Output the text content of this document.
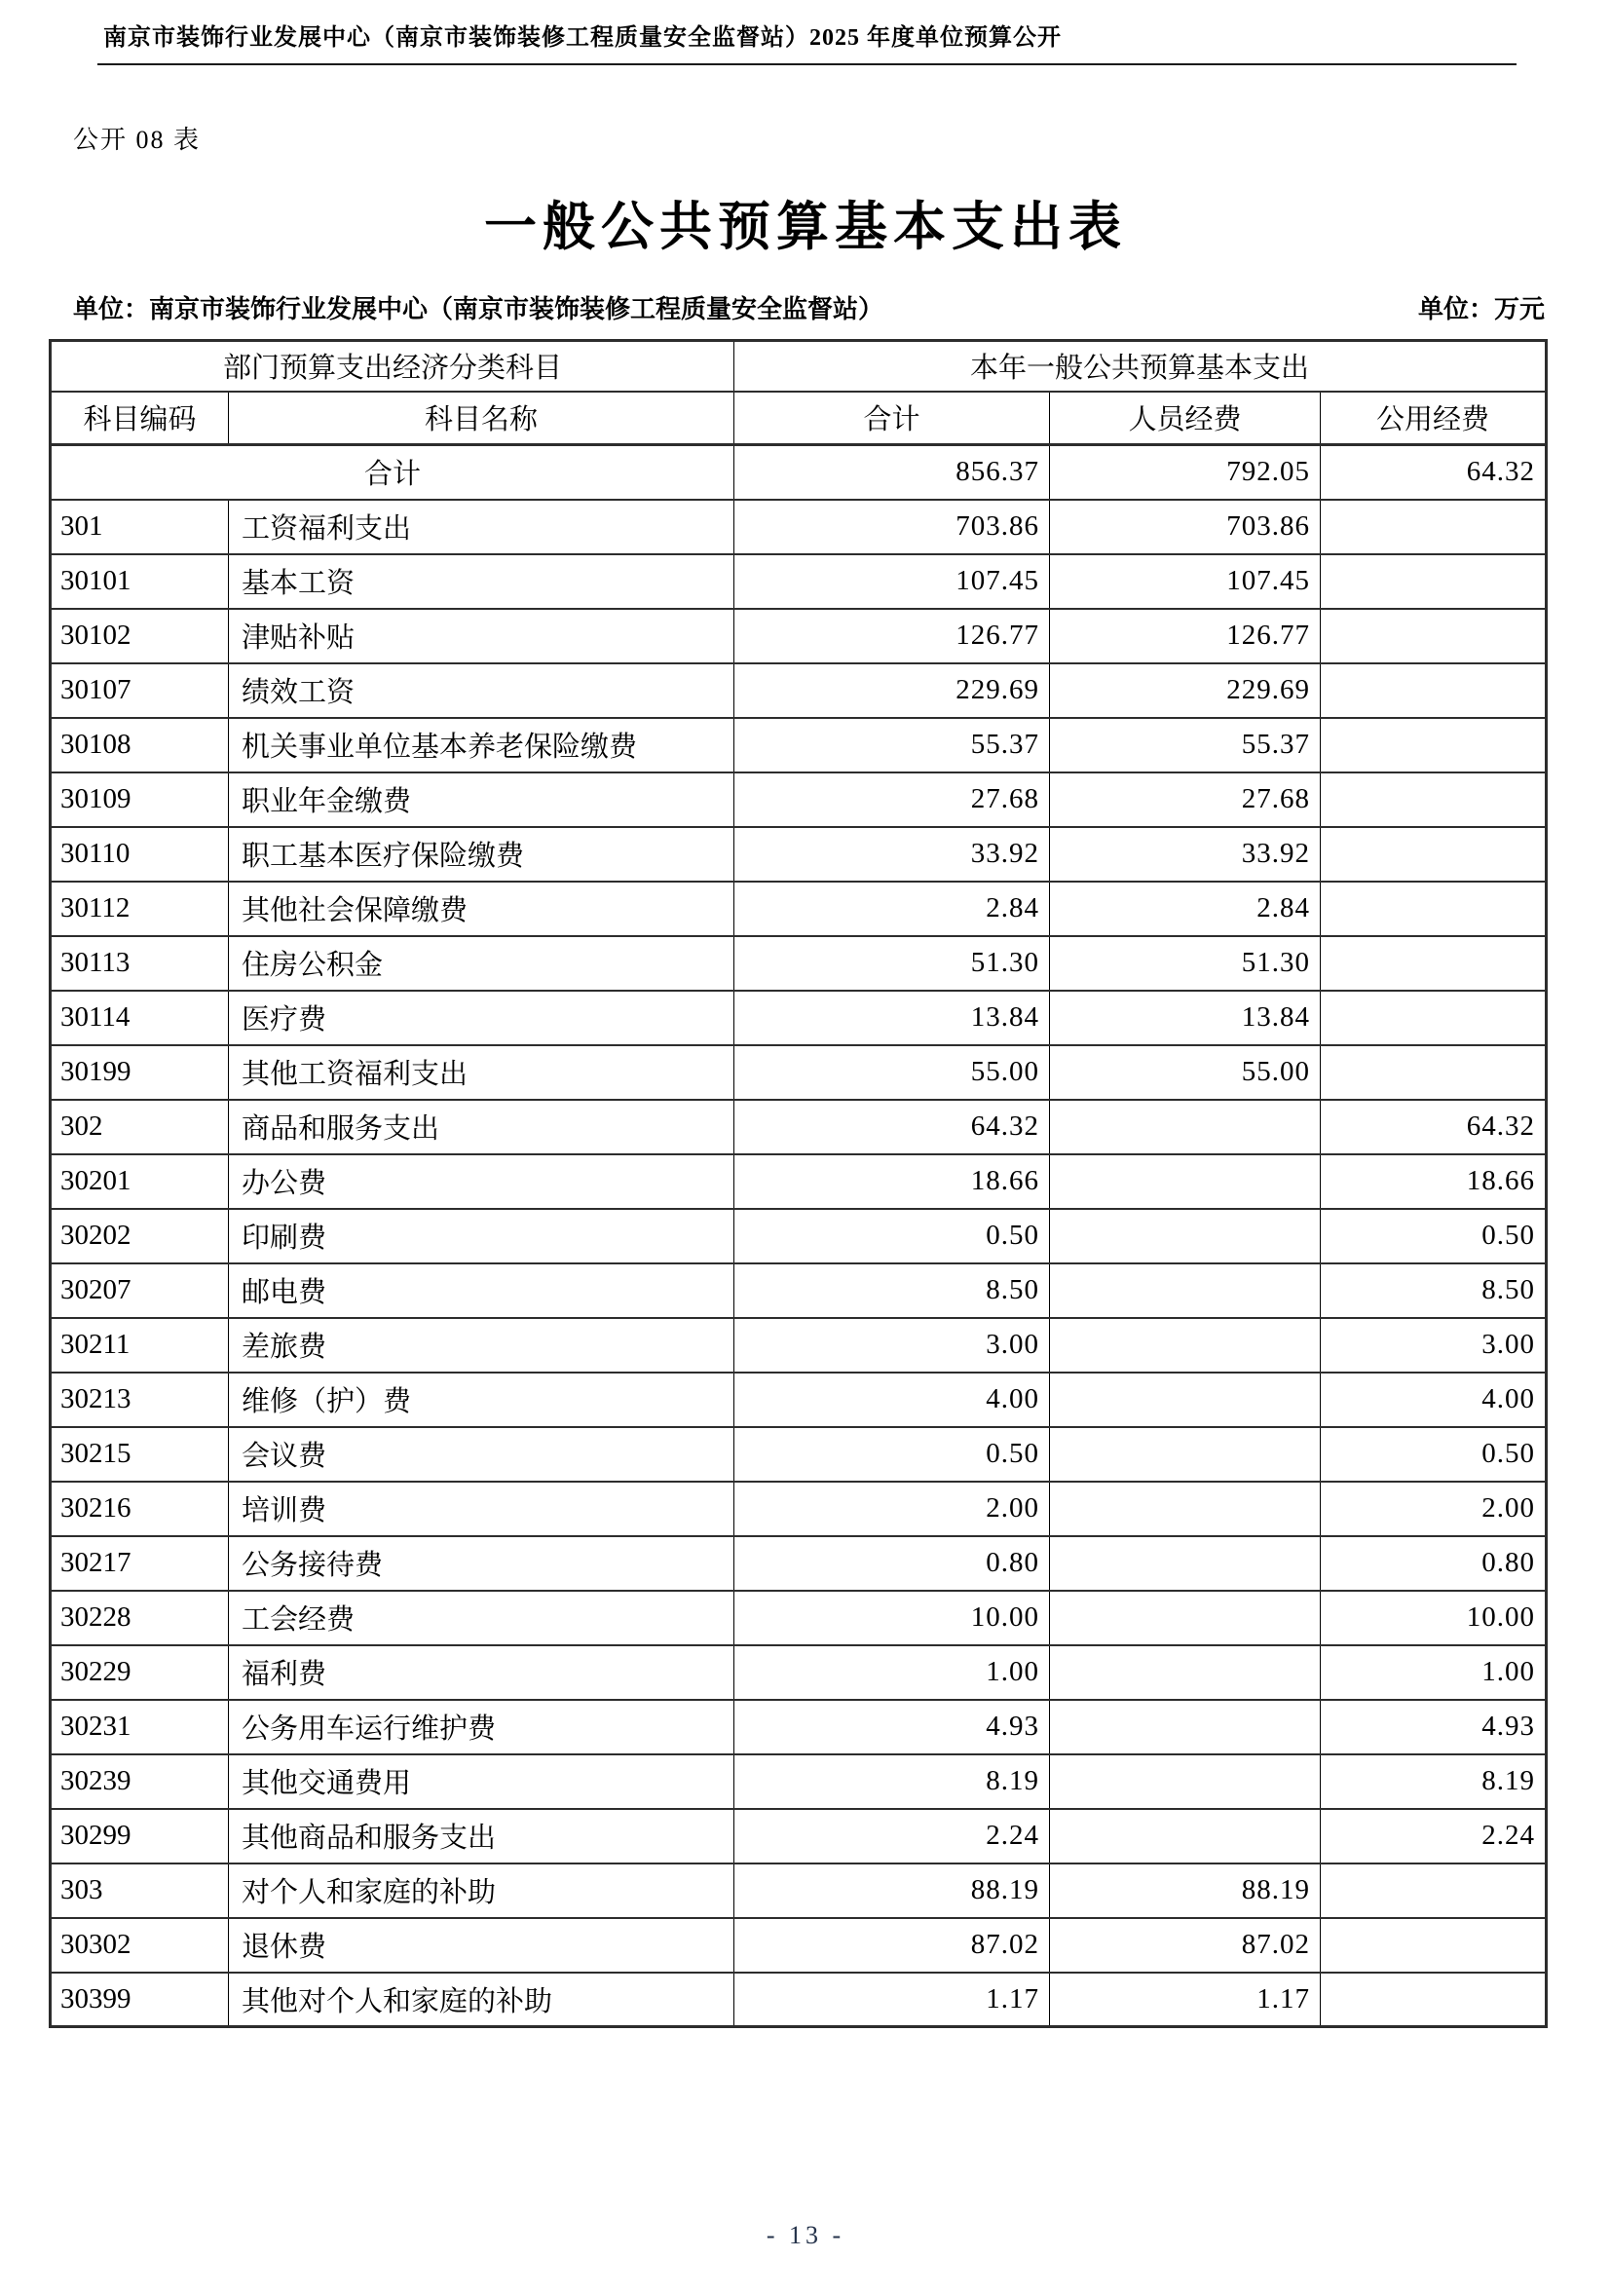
南京市装饰行业发展中心（南京市装饰装修工程质量安全监督站）2025 年度单位预算公开
公开 08 表
一般公共预算基本支出表
单位：南京市装饰行业发展中心（南京市装饰装修工程质量安全监督站）	单位：万元
部门预算支出经济分类科目		本年一般公共预算基本支出		
科目编码	科目名称	合计	人员经费	公用经费
合计		856.37	792.05	64.32
301	工资福利支出	703.86	703.86	
30101	基本工资	107.45	107.45	
30102	津贴补贴	126.77	126.77	
30107	绩效工资	229.69	229.69	
30108	机关事业单位基本养老保险缴费	55.37	55.37	
30109	职业年金缴费	27.68	27.68	
30110	职工基本医疗保险缴费	33.92	33.92	
30112	其他社会保障缴费	2.84	2.84	
30113	住房公积金	51.30	51.30	
30114	医疗费	13.84	13.84	
30199	其他工资福利支出	55.00	55.00	
302	商品和服务支出	64.32		64.32
30201	办公费	18.66		18.66
30202	印刷费	0.50		0.50
30207	邮电费	8.50		8.50
30211	差旅费	3.00		3.00
30213	维修（护）费	4.00		4.00
30215	会议费	0.50		0.50
30216	培训费	2.00		2.00
30217	公务接待费	0.80		0.80
30228	工会经费	10.00		10.00
30229	福利费	1.00		1.00
30231	公务用车运行维护费	4.93		4.93
30239	其他交通费用	8.19		8.19
30299	其他商品和服务支出	2.24		2.24
303	对个人和家庭的补助	88.19	88.19	
30302	退休费	87.02	87.02	
30399	其他对个人和家庭的补助	1.17	1.17	
- 13 -
